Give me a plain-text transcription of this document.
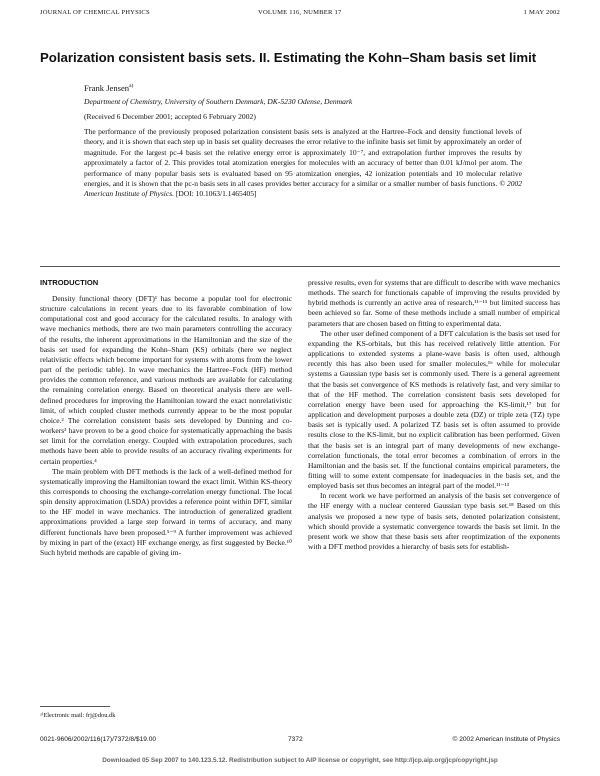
JOURNAL OF CHEMICAL PHYSICS	VOLUME 116, NUMBER 17	1 MAY 2002
Polarization consistent basis sets. II. Estimating the Kohn–Sham basis set limit
Frank Jensen$^{a)}$
Department of Chemistry, University of Southern Denmark, DK-5230 Odense, Denmark
(Received 6 December 2001; accepted 6 February 2002)
The performance of the previously proposed polarization consistent basis sets is analyzed at the Hartree–Fock and density functional levels of theory, and it is shown that each step up in basis set quality decreases the error relative to the infinite basis set limit by approximately an order of magnitude. For the largest pc-4 basis set the relative energy error is approximately 10⁻⁷, and extrapolation further improves the results by approximately a factor of 2. This provides total atomization energies for molecules with an accuracy of better than 0.01 kJ/mol per atom. The performance of many popular basis sets is evaluated based on 95 atomization energies, 42 ionization potentials and 10 molecular relative energies, and it is shown that the pc-n basis sets in all cases provides better accuracy for a similar or a smaller number of basis functions. © 2002 American Institute of Physics. [DOI: 10.1063/1.1465405]
INTRODUCTION

Density functional theory (DFT)¹ has become a popular tool for electronic structure calculations in recent years due to its favorable combination of low computational cost and good accuracy for the calculated results. In analogy with wave mechanics methods, there are two main parameters controlling the accuracy of the results, the inherent approximations in the Hamiltonian and the size of the basis set used for expanding the Kohn–Sham (KS) orbitals (here we neglect relativistic effects which become important for systems with atoms from the lower part of the periodic table). In wave mechanics the Hartree–Fock (HF) method provides the common reference, and various methods are available for calculating the remaining correlation energy. Based on theoretical analysis there are well-defined procedures for improving the Hamiltonian toward the exact nonrelativistic limit, of which coupled cluster methods currently appear to be the most popular choice.² The correlation consistent basis sets developed by Dunning and co-workers³ have proven to be a good choice for systematically approaching the basis set limit for the correlation energy. Coupled with extrapolation procedures, such methods have been able to provide results of an accuracy rivaling experiments for certain properties.⁴

The main problem with DFT methods is the lack of a well-defined method for systematically improving the Hamiltonian toward the exact limit. Within KS-theory this corresponds to choosing the exchange-correlation energy functional. The local spin density approximation (LSDA) provides a reference point within DFT, similar to the HF model in wave mechanics. The introduction of generalized gradient approximations provided a large step forward in terms of accuracy, and many different functionals have been proposed.⁵⁻⁹ A further improvement was achieved by mixing in part of the (exact) HF exchange energy, as first suggested by Becke.¹⁰ Such hybrid methods are capable of giving im-

pressive results, even for systems that are difficult to describe with wave mechanics methods. The search for functionals capable of improving the results provided by hybrid methods is currently an active area of research,¹¹⁻¹⁵ but limited success has been achieved so far. Some of these methods include a small number of empirical parameters that are chosen based on fitting to experimental data.

The other user defined component of a DFT calculation is the basis set used for expanding the KS-orbitals, but this has received relatively little attention. For applications to extended systems a plane-wave basis is often used, although recently this has also been used for smaller molecules,¹⁶ while for molecular systems a Gaussian type basis set is commonly used. There is a general agreement that the basis set convergence of KS methods is relatively fast, and very similar to that of the HF method. The correlation consistent basis sets developed for correlation energy have been used for approaching the KS-limit,¹⁷ but for application and development purposes a double zeta (DZ) or triple zeta (TZ) type basis set is typically used. A polarized TZ basis set is often assumed to provide results close to the KS-limit, but no explicit calibration has been performed. Given that the basis set is an integral part of many developments of new exchange-correlation functionals, the total error becomes a combination of errors in the Hamiltonian and the basis set. If the functional contains empirical parameters, the fitting will to some extent compensate for inadequacies in the basis set, and the employed basis set thus becomes an integral part of the model.¹¹⁻¹³

In recent work we have performed an analysis of the basis set convergence of the HF energy with a nuclear centered Gaussian type basis set.¹⁸ Based on this analysis we proposed a new type of basis sets, denoted polarization consistent, which should provide a systematic convergence towards the basis set limit. In the present work we show that these basis sets after reoptimization of the exponents with a DFT method provides a hierarchy of basis sets for establish-

ᵃ⁾Electronic mail: frj@dou.dk
0021-9606/2002/116(17)/7372/8/$19.00	7372	© 2002 American Institute of Physics
Downloaded 05 Sep 2007 to 140.123.5.12. Redistribution subject to AIP license or copyright, see http://jcp.aip.org/jcp/copyright.jsp
